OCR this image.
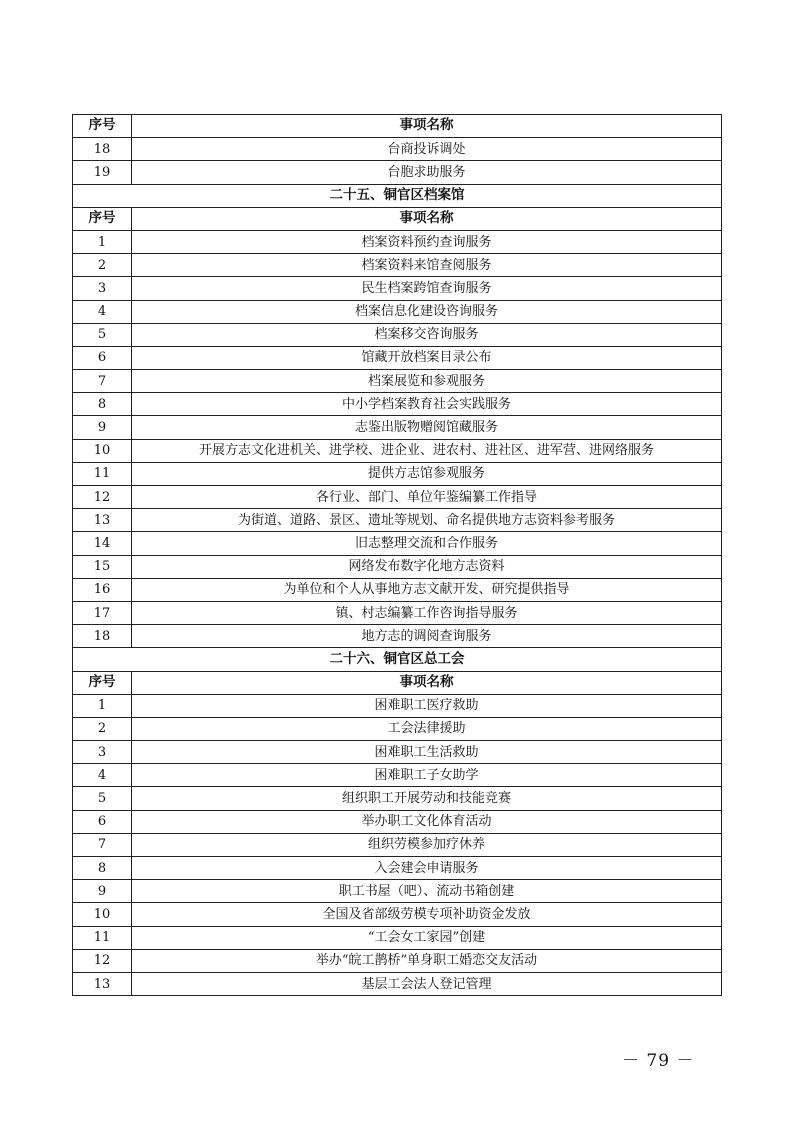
序号	事项名称
18	台商投诉调处
19	台胞求助服务
二十五、铜官区档案馆	
序号	事项名称
1	档案资料预约查询服务
2	档案资料来馆查阅服务
3	民生档案跨馆查询服务
4	档案信息化建设咨询服务
5	档案移交咨询服务
6	馆藏开放档案目录公布
7	档案展览和参观服务
8	中小学档案教育社会实践服务
9	志鉴出版物赠阅馆藏服务
10	开展方志文化进机关、进学校、进企业、进农村、进社区、进军营、进网络服务
11	提供方志馆参观服务
12	各行业、部门、单位年鉴编纂工作指导
13	为街道、道路、景区、遗址等规划、命名提供地方志资料参考服务
14	旧志整理交流和合作服务
15	网络发布数字化地方志资料
16	为单位和个人从事地方志文献开发、研究提供指导
17	镇、村志编纂工作咨询指导服务
18	地方志的调阅查询服务
二十六、铜官区总工会	
序号	事项名称
1	困难职工医疗救助
2	工会法律援助
3	困难职工生活救助
4	困难职工子女助学
5	组织职工开展劳动和技能竞赛
6	举办职工文化体育活动
7	组织劳模参加疗休养
8	入会建会申请服务
9	职工书屋（吧）、流动书箱创建
10	全国及省部级劳模专项补助资金发放
11	“工会女工家园”创建
12	举办“皖工鹊桥”单身职工婚恋交友活动
13	基层工会法人登记管理
－ 79 －
